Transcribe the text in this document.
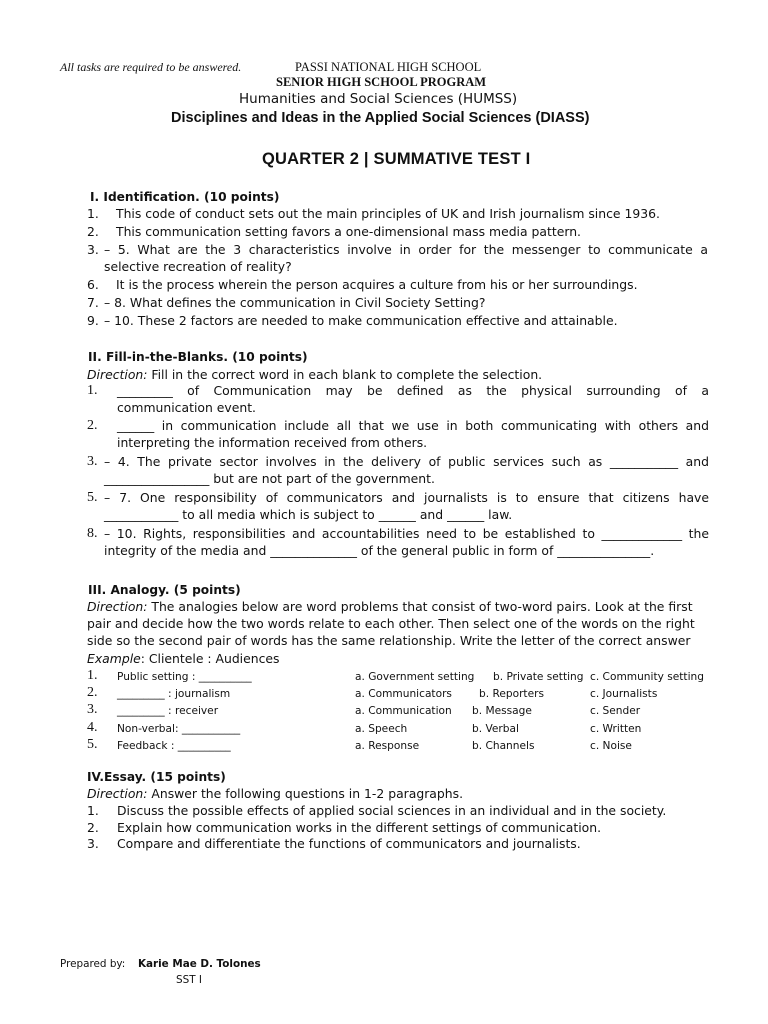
All tasks are required to be answered.	PASSI NATIONAL HIGH SCHOOL
SENIOR HIGH SCHOOL PROGRAM
Humanities and Social Sciences (HUMSS)
Disciplines and Ideas in the Applied Social Sciences (DIASS)
QUARTER 2 | SUMMATIVE TEST I
I. Identification. (10 points)
1.	This code of conduct sets out the main principles of UK and Irish journalism since 1936.
2.	This communication setting favors a one-dimensional mass media pattern.
3. – 5. What are the 3 characteristics involve in order for the messenger to communicate a
selective recreation of reality?
6.	It is the process wherein the person acquires a culture from his or her surroundings.
7. – 8. What defines the communication in Civil Society Setting?
9. – 10. These 2 factors are needed to make communication effective and attainable.
II. Fill-in-the-Blanks. (10 points)
Direction: Fill in the correct word in each blank to complete the selection.
1.	_________ of Communication may be defined as the physical surrounding of a
communication event.
2.	______ in communication include all that we use in both communicating with others and
interpreting the information received from others.
3. – 4. The private sector involves in the delivery of public services such as ___________ and
_________________ but are not part of the government.
5. – 7. One responsibility of communicators and journalists is to ensure that citizens have
____________ to all media which is subject to ______ and ______ law.
8. – 10. Rights, responsibilities and accountabilities need to be established to _____________ the
integrity of the media and ______________ of the general public in form of _______________.
III. Analogy. (5 points)
Direction: The analogies below are word problems that consist of two-word pairs. Look at the first
pair and decide how the two words relate to each other. Then select one of the words on the right
side so the second pair of words has the same relationship. Write the letter of the correct answer
Example: Clientele : Audiences
1.	Public setting : __________	a. Government setting b. Private setting c. Community setting
2.	_________ : journalism	a. Communicators	b. Reporters	c. Journalists
3.	_________ : receiver	a. Communication b. Message	c. Sender
4.	Non-verbal: ___________	a. Speech	b. Verbal	c. Written
5.	Feedback : __________	a. Response	b. Channels	c. Noise
IV.Essay. (15 points)
Direction: Answer the following questions in 1-2 paragraphs.
1.	Discuss the possible effects of applied social sciences in an individual and in the society.
2.	Explain how communication works in the different settings of communication.
3.	Compare and differentiate the functions of communicators and journalists.
Prepared by: Karie Mae D. Tolones
SST I
